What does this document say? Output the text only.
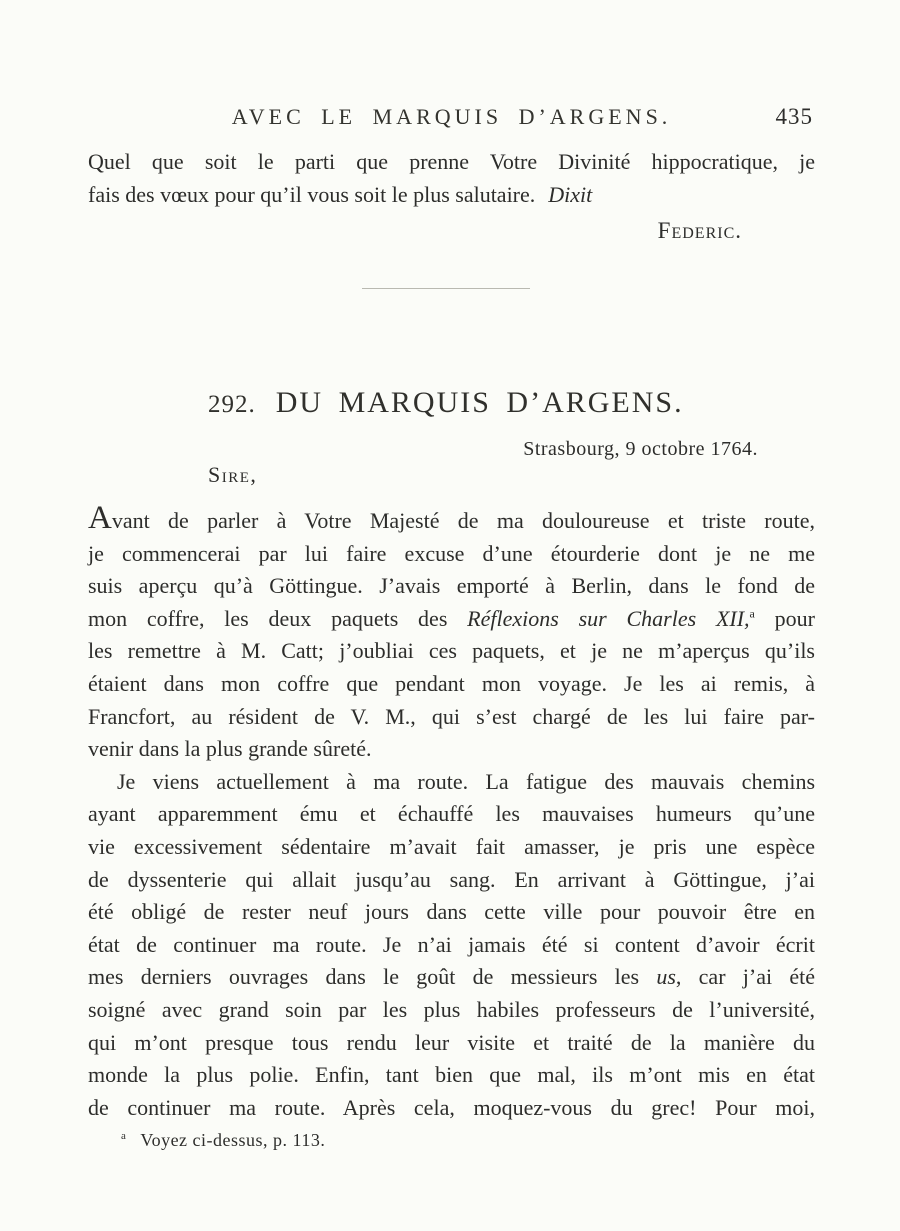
AVEC LE MARQUIS D’ARGENS.	435
Quel que soit le parti que prenne Votre Divinité hippocratique, je
fais des vœux pour qu’il vous soit le plus salutaire. Dixit
Federic.
292. DU MARQUIS D’ARGENS.
Strasbourg, 9 octobre 1764.
Sire,
Avant de parler à Votre Majesté de ma douloureuse et triste route,
je commencerai par lui faire excuse d’une étourderie dont je ne me
suis aperçu qu’à Göttingue. J’avais emporté à Berlin, dans le fond de
mon coffre, les deux paquets des Réflexions sur Charles XII,$^a$ pour
les remettre à M. Catt; j’oubliai ces paquets, et je ne m’aperçus qu’ils
étaient dans mon coffre que pendant mon voyage. Je les ai remis, à
Francfort, au résident de V. M., qui s’est chargé de les lui faire par-
venir dans la plus grande sûreté.
Je viens actuellement à ma route. La fatigue des mauvais chemins
ayant apparemment ému et échauffé les mauvaises humeurs qu’une
vie excessivement sédentaire m’avait fait amasser, je pris une espèce
de dyssenterie qui allait jusqu’au sang. En arrivant à Göttingue, j’ai
été obligé de rester neuf jours dans cette ville pour pouvoir être en
état de continuer ma route. Je n’ai jamais été si content d’avoir écrit
mes derniers ouvrages dans le goût de messieurs les us, car j’ai été
soigné avec grand soin par les plus habiles professeurs de l’université,
qui m’ont presque tous rendu leur visite et traité de la manière du
monde la plus polie. Enfin, tant bien que mal, ils m’ont mis en état
de continuer ma route. Après cela, moquez-vous du grec! Pour moi,
$^a$ Voyez ci-dessus, p. 113.
